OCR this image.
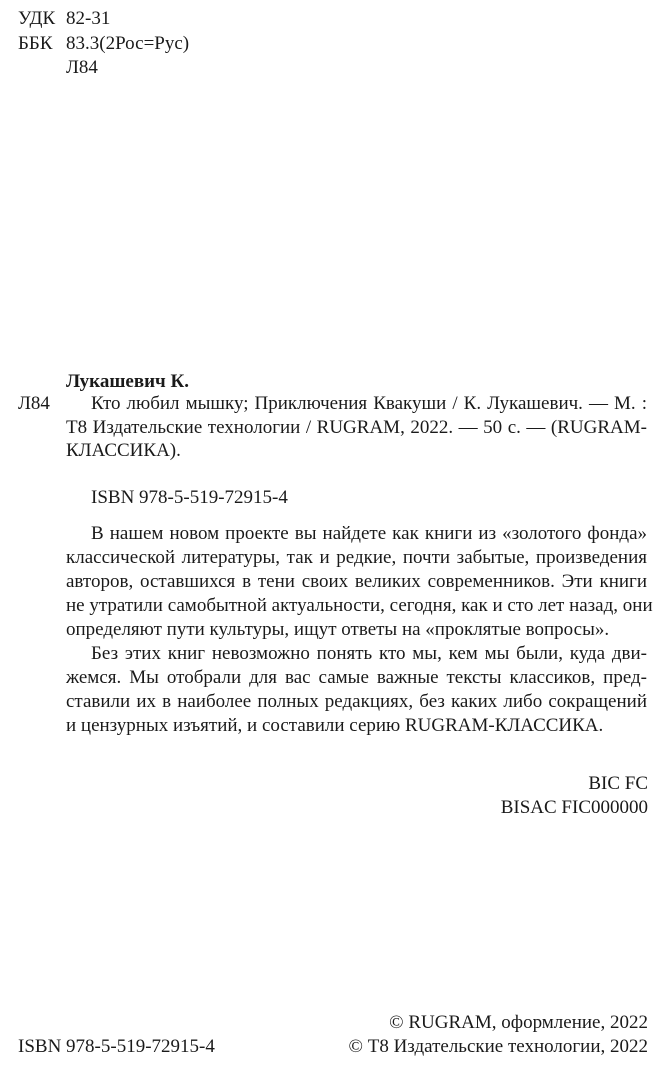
УДК 82-31
ББК 83.3(2Рос=Рус)
Л84
Лукашевич К.
Л84 Кто любил мышку; Приключения Квакуши / К. Лукашевич. — М. :
Т8 Издательские технологии / RUGRAM, 2022. — 50 с. — (RUGRAM-
КЛАССИКА).
ISBN 978-5-519-72915-4
В нашем новом проекте вы найдете как книги из «золотого фонда»
классической литературы, так и редкие, почти забытые, произведения
авторов, оставшихся в тени своих великих современников. Эти книги
не утратили самобытной актуальности, сегодня, как и сто лет назад, они
определяют пути культуры, ищут ответы на «проклятые вопросы».
Без этих книг невозможно понять кто мы, кем мы были, куда дви-
жемся. Мы отобрали для вас самые важные тексты классиков, пред-
ставили их в наиболее полных редакциях, без каких либо сокращений
и цензурных изъятий, и составили серию RUGRAM-КЛАССИКА.
BIC FC
BISAC FIC000000
ISBN 978-5-519-72915-4
© RUGRAM, оформление, 2022
© Т8 Издательские технологии, 2022
